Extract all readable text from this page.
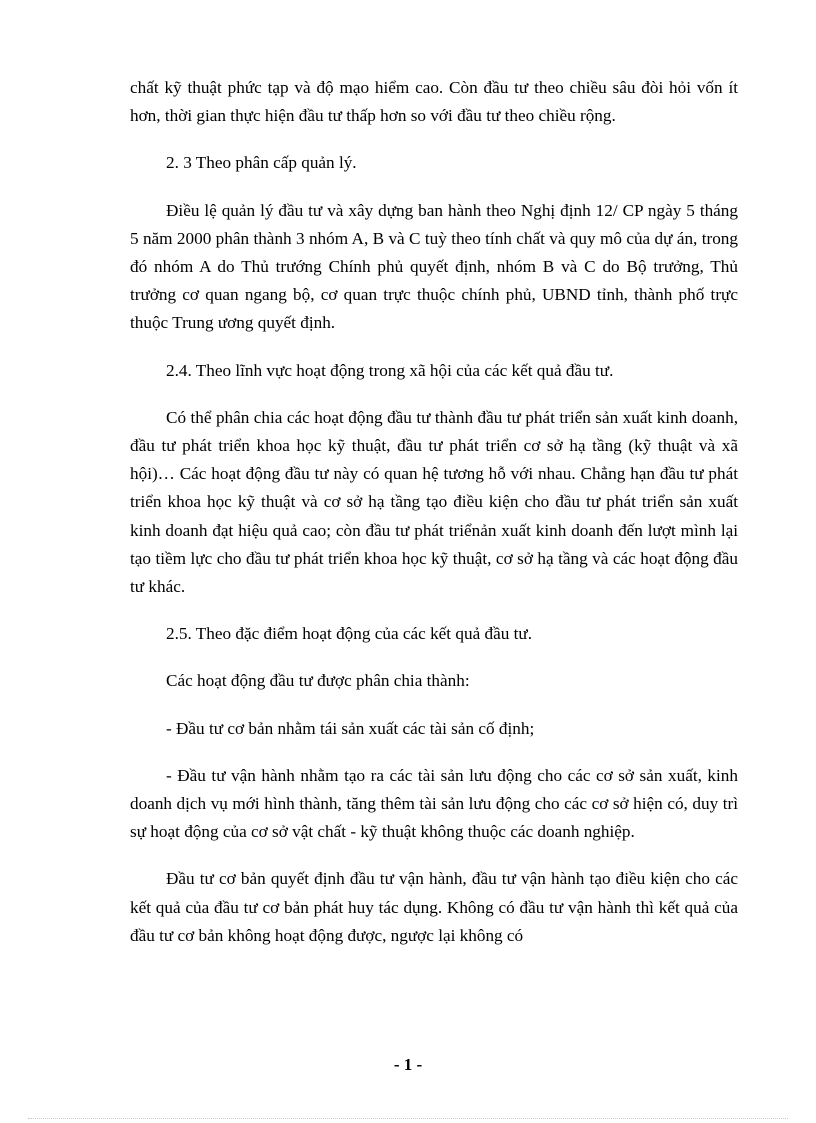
chất kỹ thuật phức tạp và độ mạo hiểm cao. Còn đầu tư theo chiều sâu đòi hỏi vốn ít hơn, thời gian thực hiện đầu tư thấp hơn so với đầu tư theo chiều rộng.

2. 3 Theo phân cấp quản lý.

Điều lệ quản lý đầu tư và xây dựng ban hành theo Nghị định 12/ CP ngày 5 tháng 5 năm 2000 phân thành 3 nhóm A, B và C tuỳ theo tính chất và quy mô của dự án, trong đó nhóm A do Thủ trướng Chính phủ quyết định, nhóm B và C do Bộ trưởng, Thủ trưởng cơ quan ngang bộ, cơ quan trực thuộc chính phủ, UBND tỉnh, thành phố trực thuộc Trung ương quyết định.

2.4. Theo lĩnh vực hoạt động trong xã hội của các kết quả đầu tư.

Có thể phân chia các hoạt động đầu tư thành đầu tư phát triển sản xuất kinh doanh, đầu tư phát triển khoa học kỹ thuật, đầu tư phát triển cơ sở hạ tầng (kỹ thuật và xã hội)… Các hoạt động đầu tư này có quan hệ tương hỗ với nhau. Chẳng hạn đầu tư phát triển khoa học kỹ thuật và cơ sở hạ tầng tạo điều kiện cho đầu tư phát triển sản xuất kinh doanh đạt hiệu quả cao; còn đầu tư phát triểnản xuất kinh doanh đến lượt mình lại tạo tiềm lực cho đầu tư phát triển khoa học kỹ thuật, cơ sở hạ tầng và các hoạt động đầu tư khác.

2.5. Theo đặc điểm hoạt động của các kết quả đầu tư.

Các hoạt động đầu tư được phân chia thành:

- Đầu tư cơ bản nhằm tái sản xuất các tài sản cố định;

- Đầu tư vận hành nhằm tạo ra các tài sản lưu động cho các cơ sở sản xuất, kinh doanh dịch vụ mới hình thành, tăng thêm tài sản lưu động cho các cơ sở hiện có, duy trì sự hoạt động của cơ sở vật chất - kỹ thuật không thuộc các doanh nghiệp.

Đầu tư cơ bản quyết định đầu tư vận hành, đầu tư vận hành tạo điều kiện cho các kết quả của đầu tư cơ bản phát huy tác dụng. Không có đầu tư vận hành thì kết quả của đầu tư cơ bản không hoạt động được, ngược lại không có

- 1 -
